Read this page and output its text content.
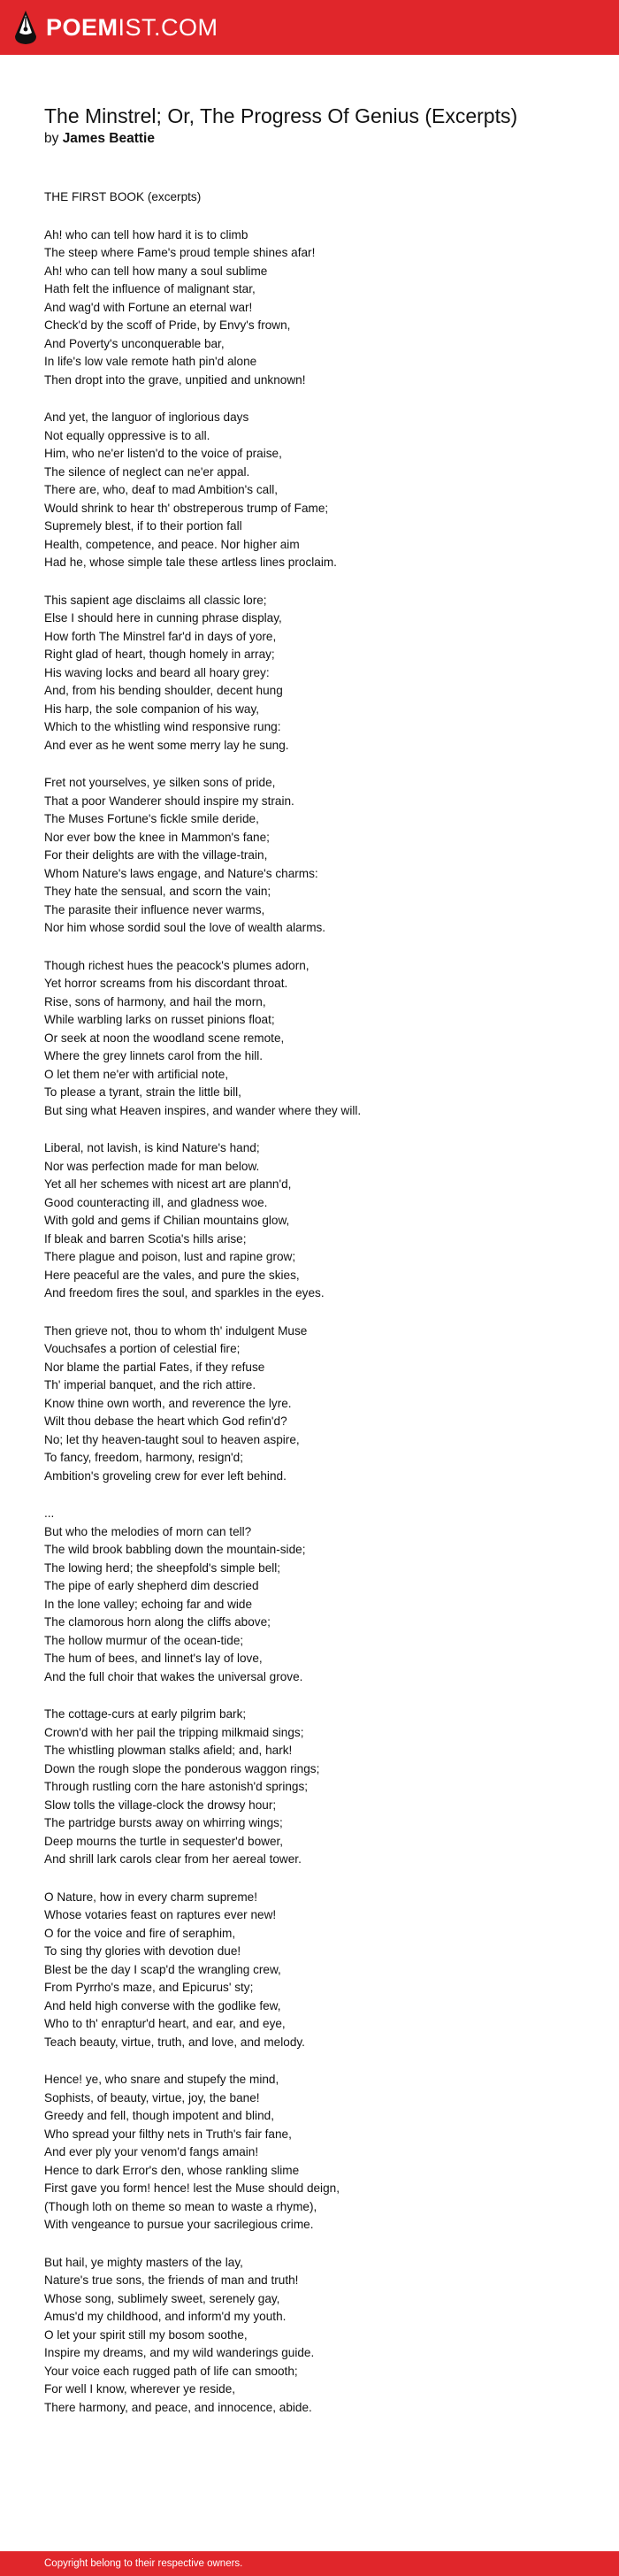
POEMIST.COM
The Minstrel; Or, The Progress Of Genius (Excerpts)
by James Beattie

THE FIRST BOOK (excerpts)

Ah! who can tell how hard it is to climb
The steep where Fame's proud temple shines afar!
Ah! who can tell how many a soul sublime
Hath felt the influence of malignant star,
And wag'd with Fortune an eternal war!
Check'd by the scoff of Pride, by Envy's frown,
And Poverty's unconquerable bar,
In life's low vale remote hath pin'd alone
Then dropt into the grave, unpitied and unknown!

And yet, the languor of inglorious days
Not equally oppressive is to all.
Him, who ne'er listen'd to the voice of praise,
The silence of neglect can ne'er appal.
There are, who, deaf to mad Ambition's call,
Would shrink to hear th' obstreperous trump of Fame;
Supremely blest, if to their portion fall
Health, competence, and peace. Nor higher aim
Had he, whose simple tale these artless lines proclaim.

This sapient age disclaims all classic lore;
Else I should here in cunning phrase display,
How forth The Minstrel far'd in days of yore,
Right glad of heart, though homely in array;
His waving locks and beard all hoary grey:
And, from his bending shoulder, decent hung
His harp, the sole companion of his way,
Which to the whistling wind responsive rung:
And ever as he went some merry lay he sung.

Fret not yourselves, ye silken sons of pride,
That a poor Wanderer should inspire my strain.
The Muses Fortune's fickle smile deride,
Nor ever bow the knee in Mammon's fane;
For their delights are with the village-train,
Whom Nature's laws engage, and Nature's charms:
They hate the sensual, and scorn the vain;
The parasite their influence never warms,
Nor him whose sordid soul the love of wealth alarms.

Though richest hues the peacock's plumes adorn,
Yet horror screams from his discordant throat.
Rise, sons of harmony, and hail the morn,
While warbling larks on russet pinions float;
Or seek at noon the woodland scene remote,
Where the grey linnets carol from the hill.
O let them ne'er with artificial note,
To please a tyrant, strain the little bill,
But sing what Heaven inspires, and wander where they will.

Liberal, not lavish, is kind Nature's hand;
Nor was perfection made for man below.
Yet all her schemes with nicest art are plann'd,
Good counteracting ill, and gladness woe.
With gold and gems if Chilian mountains glow,
If bleak and barren Scotia's hills arise;
There plague and poison, lust and rapine grow;
Here peaceful are the vales, and pure the skies,
And freedom fires the soul, and sparkles in the eyes.

Then grieve not, thou to whom th' indulgent Muse
Vouchsafes a portion of celestial fire;
Nor blame the partial Fates, if they refuse
Th' imperial banquet, and the rich attire.
Know thine own worth, and reverence the lyre.
Wilt thou debase the heart which God refin'd?
No; let thy heaven-taught soul to heaven aspire,
To fancy, freedom, harmony, resign'd;
Ambition's groveling crew for ever left behind.

...
But who the melodies of morn can tell?
The wild brook babbling down the mountain-side;
The lowing herd; the sheepfold's simple bell;
The pipe of early shepherd dim descried
In the lone valley; echoing far and wide
The clamorous horn along the cliffs above;
The hollow murmur of the ocean-tide;
The hum of bees, and linnet's lay of love,
And the full choir that wakes the universal grove.

The cottage-curs at early pilgrim bark;
Crown'd with her pail the tripping milkmaid sings;
The whistling plowman stalks afield; and, hark!
Down the rough slope the ponderous waggon rings;
Through rustling corn the hare astonish'd springs;
Slow tolls the village-clock the drowsy hour;
The partridge bursts away on whirring wings;
Deep mourns the turtle in sequester'd bower,
And shrill lark carols clear from her aereal tower.

O Nature, how in every charm supreme!
Whose votaries feast on raptures ever new!
O for the voice and fire of seraphim,
To sing thy glories with devotion due!
Blest be the day I scap'd the wrangling crew,
From Pyrrho's maze, and Epicurus' sty;
And held high converse with the godlike few,
Who to th' enraptur'd heart, and ear, and eye,
Teach beauty, virtue, truth, and love, and melody.

Hence! ye, who snare and stupefy the mind,
Sophists, of beauty, virtue, joy, the bane!
Greedy and fell, though impotent and blind,
Who spread your filthy nets in Truth's fair fane,
And ever ply your venom'd fangs amain!
Hence to dark Error's den, whose rankling slime
First gave you form! hence! lest the Muse should deign,
(Though loth on theme so mean to waste a rhyme),
With vengeance to pursue your sacrilegious crime.

But hail, ye mighty masters of the lay,
Nature's true sons, the friends of man and truth!
Whose song, sublimely sweet, serenely gay,
Amus'd my childhood, and inform'd my youth.
O let your spirit still my bosom soothe,
Inspire my dreams, and my wild wanderings guide.
Your voice each rugged path of life can smooth;
For well I know, wherever ye reside,
There harmony, and peace, and innocence, abide.

Copyright belong to their respective owners.
